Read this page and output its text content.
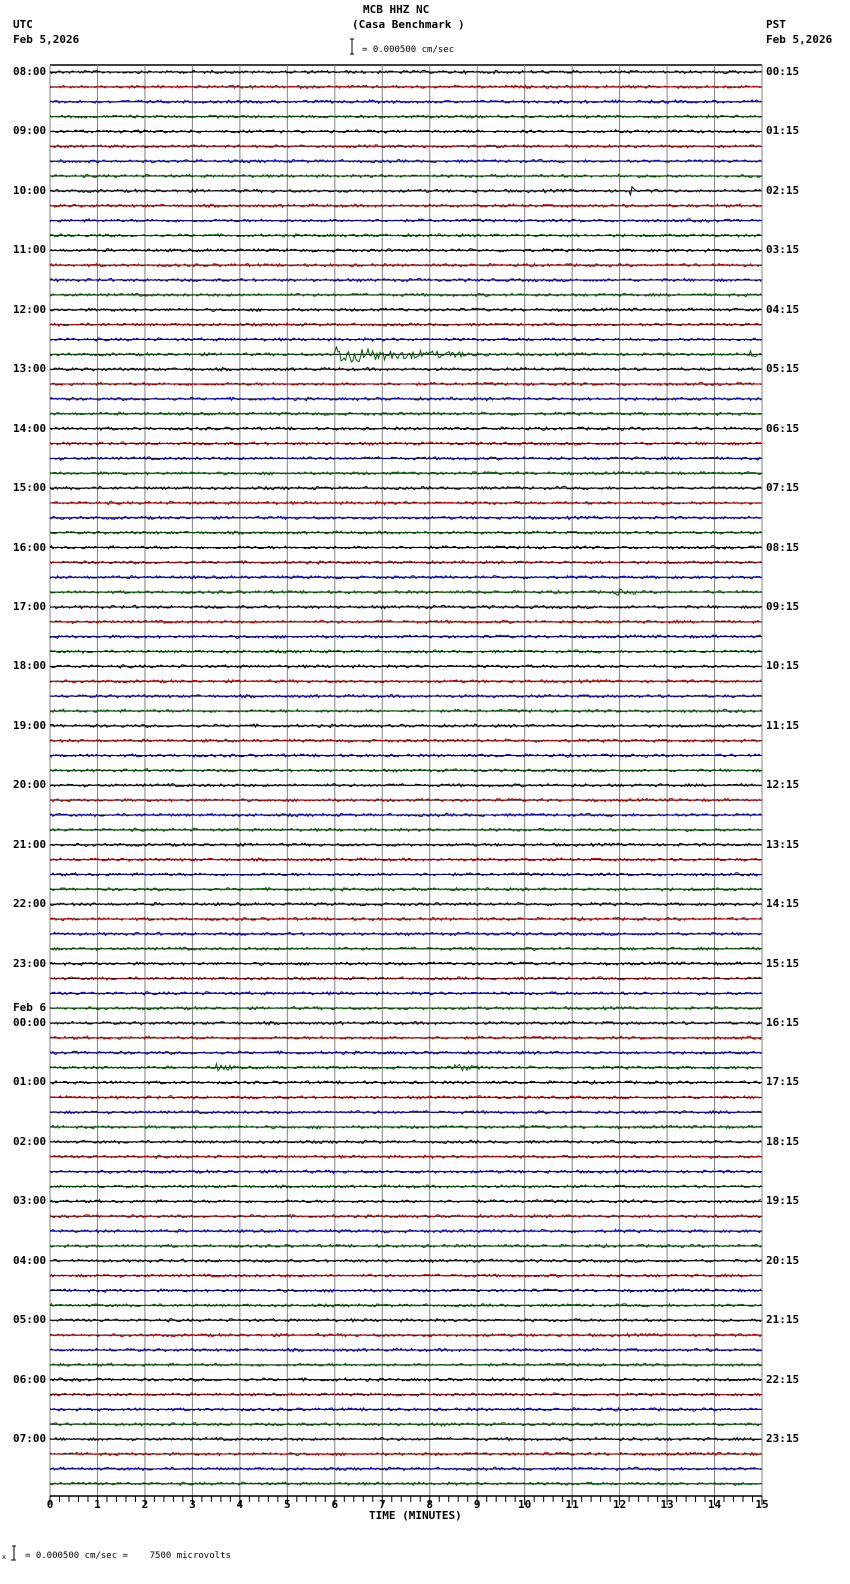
MCB HHZ NC
(Casa Benchmark )
UTC
Feb 5,2026
PST
Feb 5,2026
= 0.000500 cm/sec
08:00
09:00
10:00
11:00
12:00
13:00
14:00
15:00
16:00
17:00
18:00
19:00
20:00
21:00
22:00
23:00
Feb 6
00:00
01:00
02:00
03:00
04:00
05:00
06:00
07:00
00:15
01:15
02:15
03:15
04:15
05:15
06:15
07:15
08:15
09:15
10:15
11:15
12:15
13:15
14:15
15:15
16:15
17:15
18:15
19:15
20:15
21:15
22:15
23:15
0	1	2	3	4	5	6	7	8	9	10	11	12	13	14	15
TIME (MINUTES)
x = 0.000500 cm/sec =    7500 microvolts
